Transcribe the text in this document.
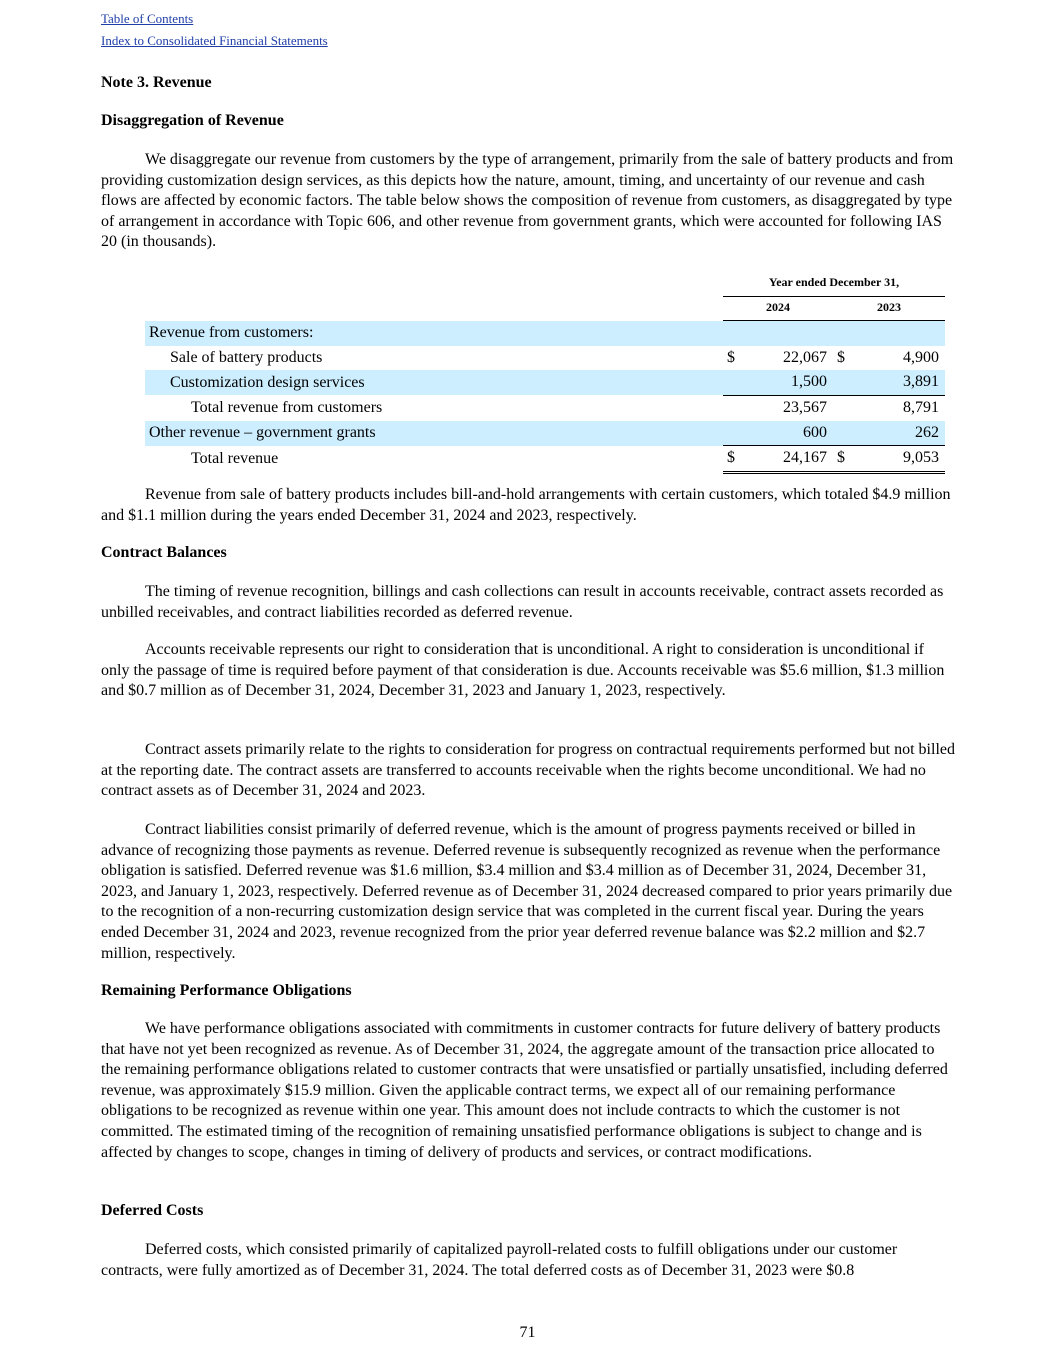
Table of Contents
Index to Consolidated Financial Statements
Note 3. Revenue
Disaggregation of Revenue

We disaggregate our revenue from customers by the type of arrangement, primarily from the sale of battery products and from providing customization design services, as this depicts how the nature, amount, timing, and uncertainty of our revenue and cash flows are affected by economic factors. The table below shows the composition of revenue from customers, as disaggregated by type of arrangement in accordance with Topic 606, and other revenue from government grants, which were accounted for following IAS 20 (in thousands).

	Year ended December 31,			
	2024		2023	
Revenue from customers:				
Sale of battery products	$	22,067	$	4,900
Customization design services		1,500		3,891
Total revenue from customers		23,567		8,791
Other revenue – government grants		600		262
Total revenue	$	24,167	$	9,053

Revenue from sale of battery products includes bill-and-hold arrangements with certain customers, which totaled $4.9 million and $1.1 million during the years ended December 31, 2024 and 2023, respectively.

Contract Balances

The timing of revenue recognition, billings and cash collections can result in accounts receivable, contract assets recorded as unbilled receivables, and contract liabilities recorded as deferred revenue.

Accounts receivable represents our right to consideration that is unconditional. A right to consideration is unconditional if only the passage of time is required before payment of that consideration is due. Accounts receivable was $5.6 million, $1.3 million and $0.7 million as of December 31, 2024, December 31, 2023 and January 1, 2023, respectively.

Contract assets primarily relate to the rights to consideration for progress on contractual requirements performed but not billed at the reporting date. The contract assets are transferred to accounts receivable when the rights become unconditional. We had no contract assets as of December 31, 2024 and 2023.

Contract liabilities consist primarily of deferred revenue, which is the amount of progress payments received or billed in advance of recognizing those payments as revenue. Deferred revenue is subsequently recognized as revenue when the performance obligation is satisfied. Deferred revenue was $1.6 million, $3.4 million and $3.4 million as of December 31, 2024, December 31, 2023, and January 1, 2023, respectively. Deferred revenue as of December 31, 2024 decreased compared to prior years primarily due to the recognition of a non-recurring customization design service that was completed in the current fiscal year. During the years ended December 31, 2024 and 2023, revenue recognized from the prior year deferred revenue balance was $2.2 million and $2.7 million, respectively.

Remaining Performance Obligations

We have performance obligations associated with commitments in customer contracts for future delivery of battery products that have not yet been recognized as revenue. As of December 31, 2024, the aggregate amount of the transaction price allocated to the remaining performance obligations related to customer contracts that were unsatisfied or partially unsatisfied, including deferred revenue, was approximately $15.9 million. Given the applicable contract terms, we expect all of our remaining performance obligations to be recognized as revenue within one year. This amount does not include contracts to which the customer is not committed. The estimated timing of the recognition of remaining unsatisfied performance obligations is subject to change and is affected by changes to scope, changes in timing of delivery of products and services, or contract modifications.

Deferred Costs

Deferred costs, which consisted primarily of capitalized payroll-related costs to fulfill obligations under our customer contracts, were fully amortized as of December 31, 2024. The total deferred costs as of December 31, 2023 were $0.8

71
